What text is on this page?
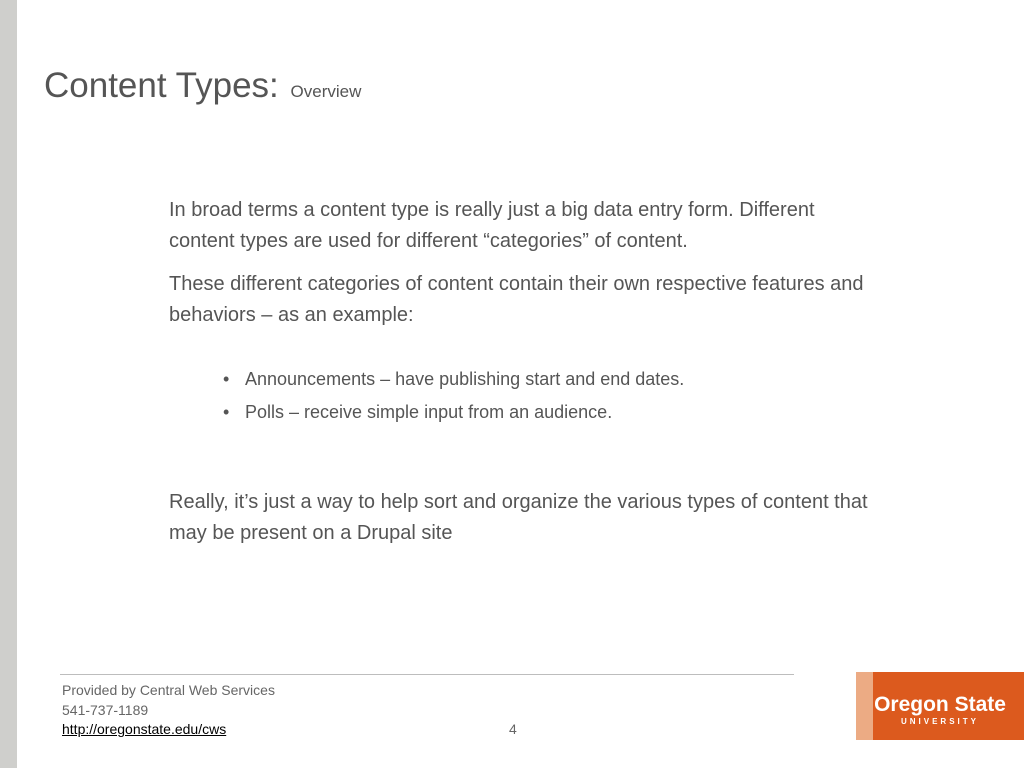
Content Types: Overview

In broad terms a content type is really just a big data entry form. Different content types are used for different “categories” of content.

These different categories of content contain their own respective features and behaviors – as an example:

• Announcements – have publishing start and end dates.
• Polls – receive simple input from an audience.

Really, it’s just a way to help sort and organize the various types of content that may be present on a Drupal site

Provided by Central Web Services
541-737-1189
http://oregonstate.edu/cws	4
Oregon State
UNIVERSITY
